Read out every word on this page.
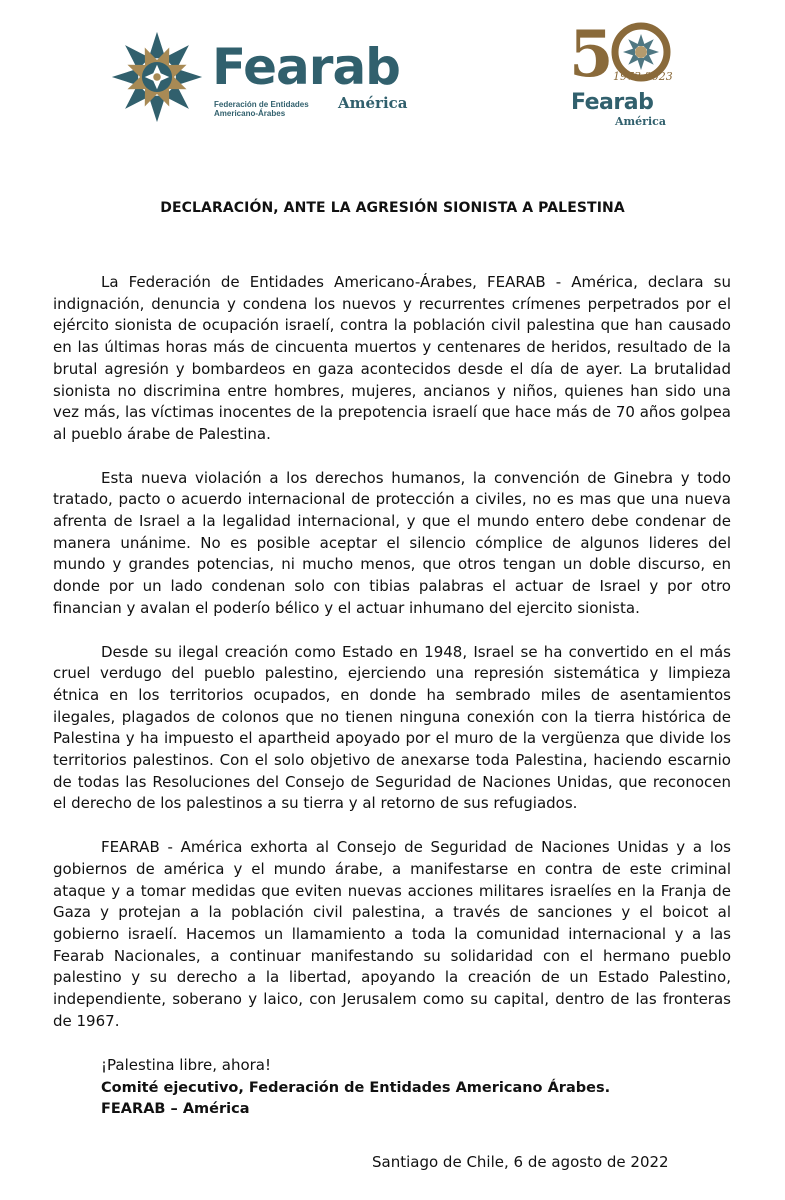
Fearab
Federación de Entidades
Americano-Árabes
América
5 1973-2023
Fearab
América
DECLARACIÓN, ANTE LA AGRESIÓN SIONISTA A PALESTINA

La Federación de Entidades Americano-Árabes, FEARAB - América, declara su indignación, denuncia y condena los nuevos y recurrentes crímenes perpetrados por el ejército sionista de ocupación israelí, contra la población civil palestina que han causado en las últimas horas más de cincuenta muertos y centenares de heridos, resultado de la brutal agresión y bombardeos en gaza acontecidos desde el día de ayer. La brutalidad sionista no discrimina entre hombres, mujeres, ancianos y niños, quienes han sido una vez más, las víctimas inocentes de la prepotencia israelí que hace más de 70 años golpea al pueblo árabe de Palestina.

Esta nueva violación a los derechos humanos, la convención de Ginebra y todo tratado, pacto o acuerdo internacional de protección a civiles, no es mas que una nueva afrenta de Israel a la legalidad internacional, y que el mundo entero debe condenar de manera unánime. No es posible aceptar el silencio cómplice de algunos lideres del mundo y grandes potencias, ni mucho menos, que otros tengan un doble discurso, en donde por un lado condenan solo con tibias palabras el actuar de Israel y por otro financian y avalan el poderío bélico y el actuar inhumano del ejercito sionista.

Desde su ilegal creación como Estado en 1948, Israel se ha convertido en el más cruel verdugo del pueblo palestino, ejerciendo una represión sistemática y limpieza étnica en los territorios ocupados, en donde ha sembrado miles de asentamientos ilegales, plagados de colonos que no tienen ninguna conexión con la tierra histórica de Palestina y ha impuesto el apartheid apoyado por el muro de la vergüenza que divide los territorios palestinos. Con el solo objetivo de anexarse toda Palestina, haciendo escarnio de todas las Resoluciones del Consejo de Seguridad de Naciones Unidas, que reconocen el derecho de los palestinos a su tierra y al retorno de sus refugiados.

FEARAB - América exhorta al Consejo de Seguridad de Naciones Unidas y a los gobiernos de américa y el mundo árabe, a manifestarse en contra de este criminal ataque y a tomar medidas que eviten nuevas acciones militares israelíes en la Franja de Gaza y protejan a la población civil palestina, a través de sanciones y el boicot al gobierno israelí. Hacemos un llamamiento a toda la comunidad internacional y a las Fearab Nacionales, a continuar manifestando su solidaridad con el hermano pueblo palestino y su derecho a la libertad, apoyando la creación de un Estado Palestino, independiente, soberano y laico, con Jerusalem como su capital, dentro de las fronteras de 1967.

¡Palestina libre, ahora!

Comité ejecutivo, Federación de Entidades Americano Árabes.
FEARAB – América
Santiago de Chile, 6 de agosto de 2022
